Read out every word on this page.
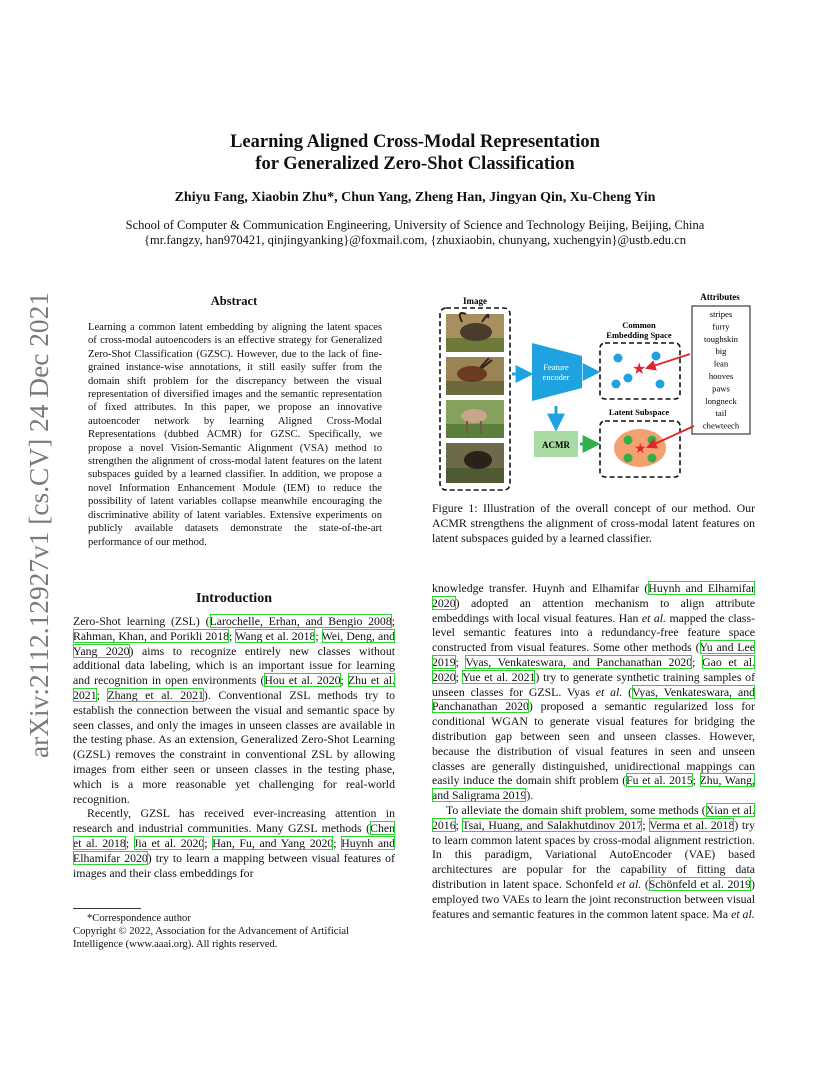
arXiv:2112.12927v1 [cs.CV] 24 Dec 2021
Learning Aligned Cross-Modal Representation
for Generalized Zero-Shot Classification
Zhiyu Fang, Xiaobin Zhu*, Chun Yang, Zheng Han, Jingyan Qin, Xu-Cheng Yin
School of Computer & Communication Engineering, University of Science and Technology Beijing, Beijing, China
{mr.fangzy, han970421, qinjingyanking}@foxmail.com, {zhuxiaobin, chunyang, xuchengyin}@ustb.edu.cn
Abstract
Learning a common latent embedding by aligning the latent spaces of cross-modal autoencoders is an effective strategy for Generalized Zero-Shot Classification (GZSC). However, due to the lack of fine-grained instance-wise annotations, it still easily suffer from the domain shift problem for the discrepancy between the visual representation of diversified images and the semantic representation of fixed attributes. In this paper, we propose an innovative autoencoder network by learning Aligned Cross-Modal Representations (dubbed ACMR) for GZSC. Specifically, we propose a novel Vision-Semantic Alignment (VSA) method to strengthen the alignment of cross-modal latent features on the latent subspaces guided by a learned classifier. In addition, we propose a novel Information Enhancement Module (IEM) to reduce the possibility of latent variables collapse meanwhile encouraging the discriminative ability of latent variables. Extensive experiments on publicly available datasets demonstrate the state-of-the-art performance of our method.
Introduction

Zero-Shot learning (ZSL) (Larochelle, Erhan, and Bengio 2008; Rahman, Khan, and Porikli 2018; Wang et al. 2018; Wei, Deng, and Yang 2020) aims to recognize entirely new classes without additional data labeling, which is an important issue for learning and recognition in open environments (Hou et al. 2020; Zhu et al. 2021; Zhang et al. 2021). Conventional ZSL methods try to establish the connection between the visual and semantic space by seen classes, and only the images in unseen classes are available in the testing phase. As an extension, Generalized Zero-Shot Learning (GZSL) removes the constraint in conventional ZSL by allowing images from either seen or unseen classes in the testing phase, which is a more reasonable yet challenging for real-world recognition.

Recently, GZSL has received ever-increasing attention in research and industrial communities. Many GZSL methods (Chen et al. 2018; Jia et al. 2020; Han, Fu, and Yang 2020; Huynh and Elhamifar 2020) try to learn a mapping between visual features of images and their class embeddings for

*Correspondence author
Copyright © 2022, Association for the Advancement of Artificial Intelligence (www.aaai.org). All rights reserved.
Image
Feature
encoder
Common
Embedding Space
★
Attributes
stripes
furry
toughskin
big
lean
hooves
paws
longneck
tail
chewteech
ACMR
Latent Subspace
★
Figure 1: Illustration of the overall concept of our method. Our ACMR strengthens the alignment of cross-modal latent features on latent subspaces guided by a learned classifier.

knowledge transfer. Huynh and Elhamifar (Huynh and Elhamifar 2020) adopted an attention mechanism to align attribute embeddings with local visual features. Han et al. mapped the class-level semantic features into a redundancy-free feature space constructed from visual features. Some other methods (Yu and Lee 2019; Vyas, Venkateswara, and Panchanathan 2020; Gao et al. 2020; Yue et al. 2021) try to generate synthetic training samples of unseen classes for GZSL. Vyas et al. (Vyas, Venkateswara, and Panchanathan 2020) proposed a semantic regularized loss for conditional WGAN to generate visual features for bridging the distribution gap between seen and unseen classes. However, because the distribution of visual features in seen and unseen classes are generally distinguished, unidirectional mappings can easily induce the domain shift problem (Fu et al. 2015; Zhu, Wang, and Saligrama 2019).

To alleviate the domain shift problem, some methods (Xian et al. 2016; Tsai, Huang, and Salakhutdinov 2017; Verma et al. 2018) try to learn common latent spaces by cross-modal alignment restriction. In this paradigm, Variational AutoEncoder (VAE) based architectures are popular for the capability of fitting data distribution in latent space. Schonfeld et al. (Schönfeld et al. 2019) employed two VAEs to learn the joint reconstruction between visual features and semantic features in the common latent space. Ma et al.
